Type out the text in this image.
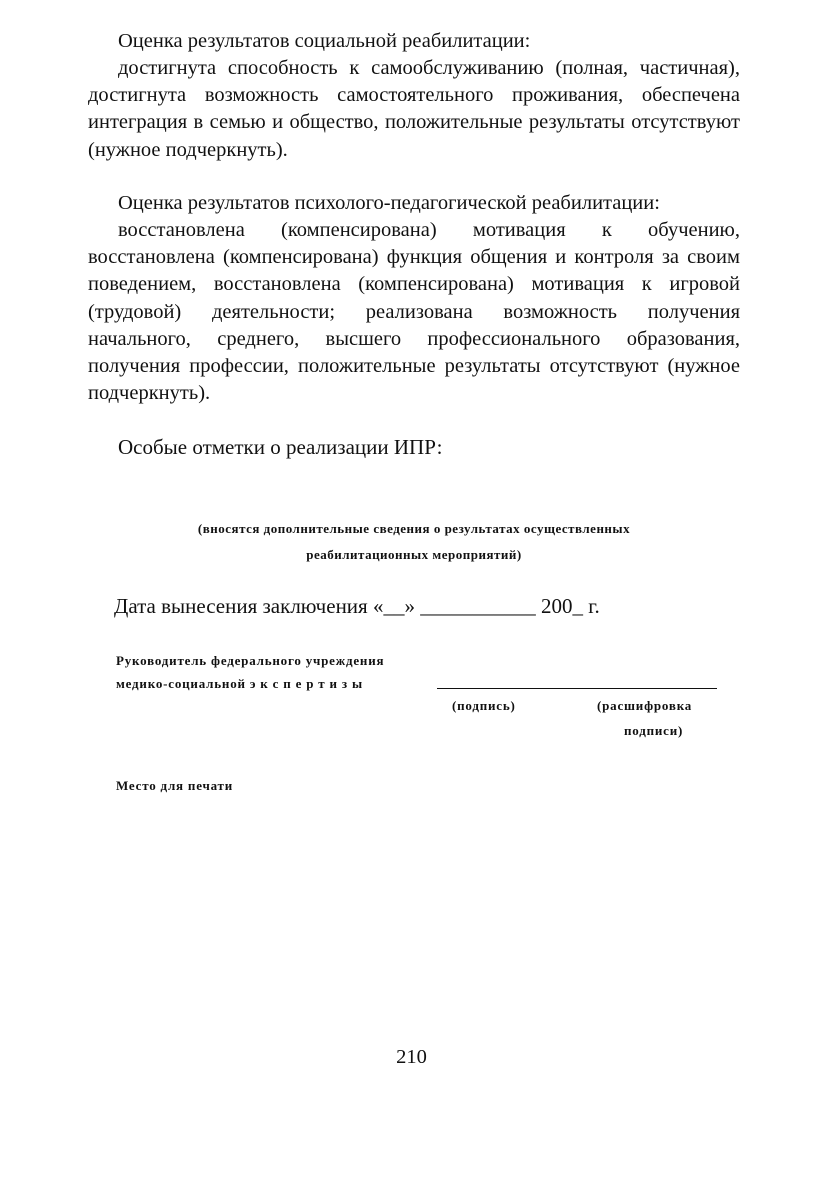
Оценка результатов социальной реабилитации:

достигнута способность к самообслуживанию (полная, частичная), достигнута возможность самостоятельного проживания, обеспечена интеграция в семью и общество, положительные результаты отсутствуют (нужное подчеркнуть).

Оценка результатов психолого-педагогической реабилитации:

восстановлена (компенсирована) мотивация к обучению, восстановлена (компенсирована) функция общения и контроля за своим поведением, восстановлена (компенсирована) мотивация к игровой (трудовой) деятельности; реализована возможность получения начального, среднего, высшего профессионального образования, получения профессии, положительные результаты отсутствуют (нужное подчеркнуть).

Особые отметки о реализации ИПР:
(вносятся дополнительные сведения о результатах осуществленных
реабилитационных мероприятий)
Дата вынесения заключения «__» ___________ 200_ г.
Руководитель федерального учреждения
медико-социальной э к с п е р т и з ы
(подпись)	(расшифровка
подписи)
Место для печати
210
